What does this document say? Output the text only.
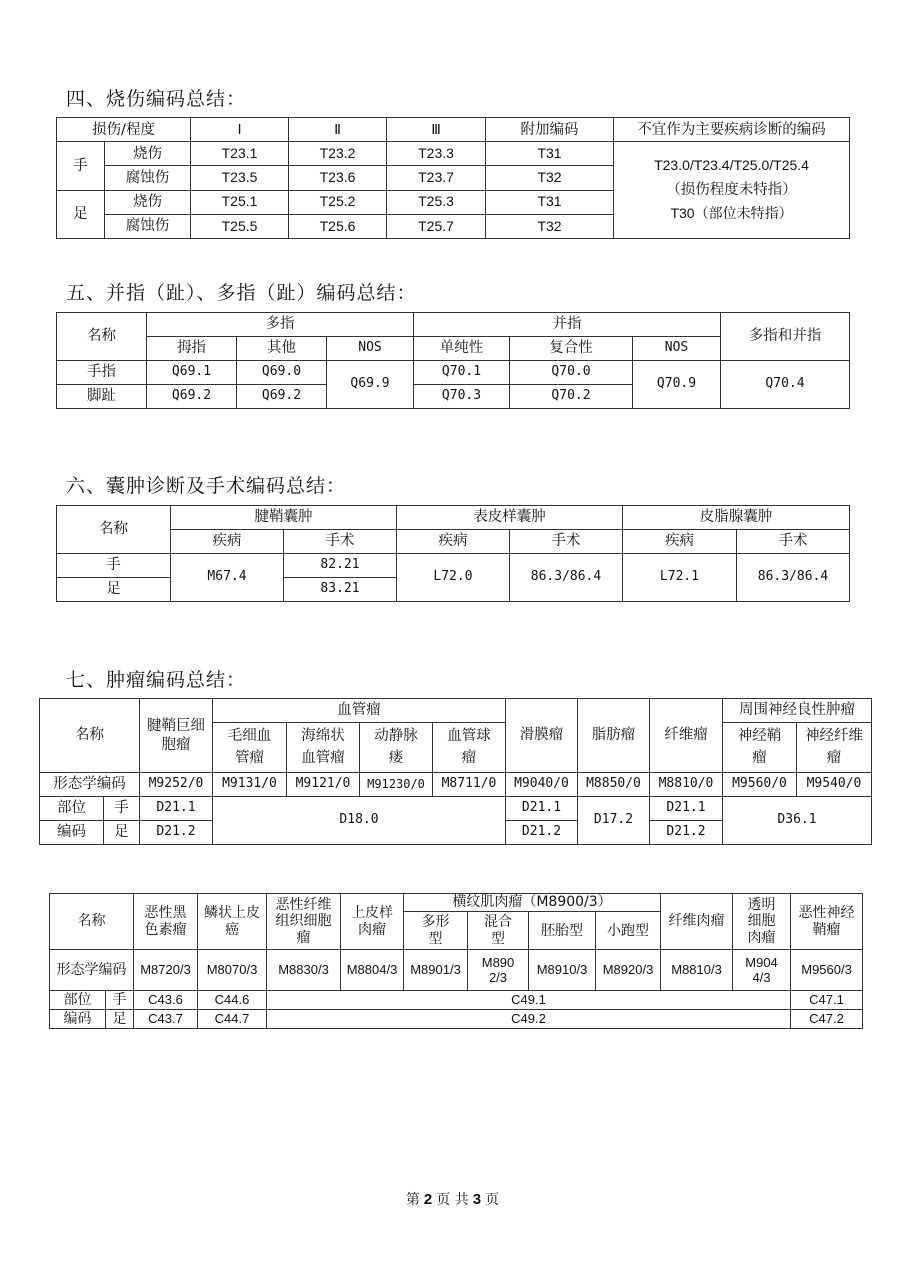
四、烧伤编码总结：
损伤/程度		Ⅰ	Ⅱ	Ⅲ	附加编码	不宜作为主要疾病诊断的编码
手	烧伤	T23.1	T23.2	T23.3	T31	T23.0/T23.4/T25.0/T25.4
（损伤程度未特指）
T30（部位未特指）

	腐蚀伤	T23.5	T23.6	T23.7	T32	
足	烧伤	T25.1	T25.2	T25.3	T31	
	腐蚀伤	T25.5	T25.6	T25.7	T32	
五、并指（趾）、多指（趾）编码总结：
名称	多指			并指			多指和并指
	拇指	其他	NOS	单纯性	复合性	NOS	
手指	Q69.1	Q69.0	Q69.9	Q70.1	Q70.0	Q70.9	Q70.4
脚趾	Q69.2	Q69.2		Q70.3	Q70.2		
六、囊肿诊断及手术编码总结：
名称	腱鞘囊肿		表皮样囊肿		皮脂腺囊肿	
	疾病	手术	疾病	手术	疾病	手术
手	M67.4	82.21	L72.0	86.3/86.4	L72.1	86.3/86.4
足		83.21				
七、肿瘤编码总结：
名称		腱鞘巨细胞瘤	血管瘤				滑膜瘤	脂肪瘤	纤维瘤	周围神经良性肿瘤	
			毛细血管瘤	海绵状血管瘤	动静脉瘘	血管球瘤				神经鞘瘤	神经纤维瘤
形态学编码		M9252/0	M9131/0	M9121/0	M91230/0	M8711/0	M9040/0	M8850/0	M8810/0	M9560/0	M9540/0
部位	手	D21.1	D18.0				D21.1	D17.2	D21.1	D36.1	
编码	足	D21.2					D21.2		D21.2		
名称		恶性黑色素瘤	鳞状上皮癌	恶性纤维组织细胞瘤	上皮样肉瘤	横纹肌肉瘤（M8900/3）				纤维肉瘤	透明细胞肉瘤	恶性神经鞘瘤
						多形型	混合型	胚胎型	小跑型			
形态学编码		M8720/3	M8070/3	M8830/3	M8804/3	M8901/3	M8902/3	M8910/3	M8920/3	M8810/3	M9044/3	M9560/3
部位	手	C43.6	C44.6	C49.1								C47.1
编码	足	C43.7	C44.7	C49.2								C47.2
第 2 页 共 3 页
